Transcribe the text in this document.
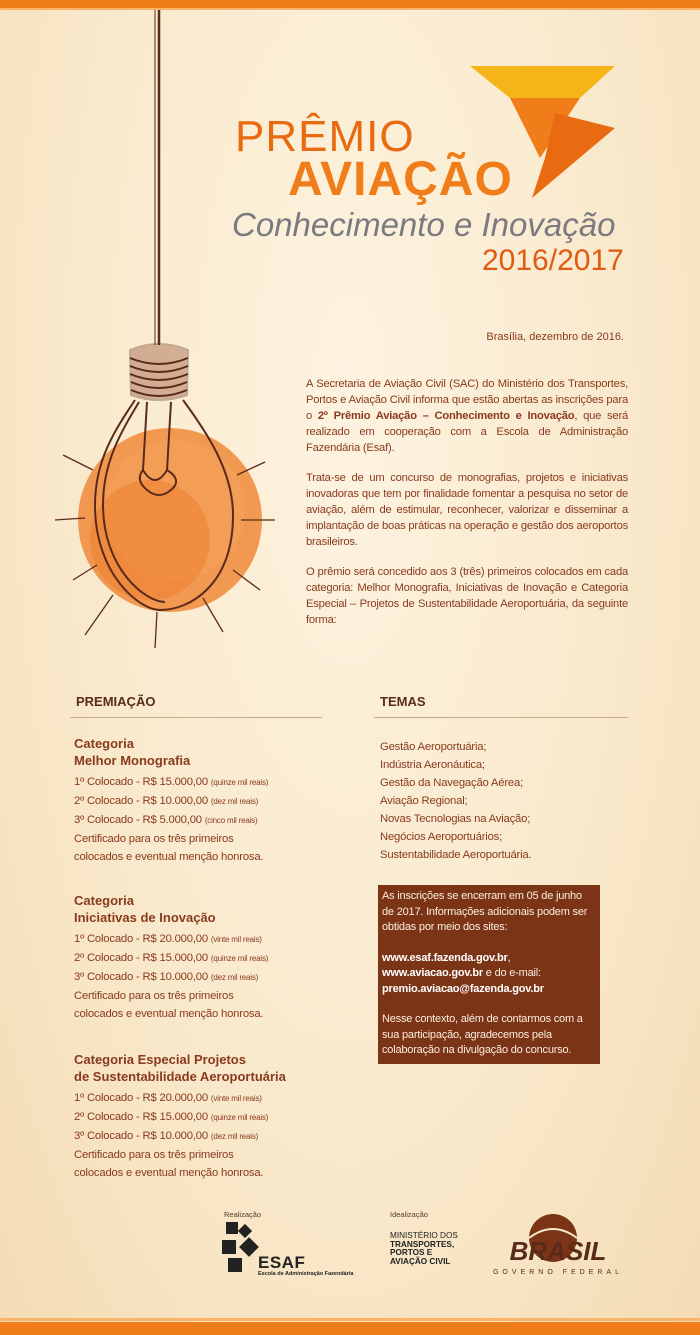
PRÊMIO
AVIAÇÃO
Conhecimento e Inovação
2016/2017
Brasília, dezembro de 2016.

A Secretaria de Aviação Civil (SAC) do Ministério dos Transportes, Portos e Aviação Civil informa que estão abertas as inscrições para o 2º Prêmio Aviação – Conhecimento e Inovação, que será realizado em cooperação com a Escola de Administração Fazendária (Esaf).

Trata-se de um concurso de monografias, projetos e iniciativas inovadoras que tem por finalidade fomentar a pesquisa no setor de aviação, além de estimular, reconhecer, valorizar e disseminar a implantação de boas práticas na operação e gestão dos aeroportos brasileiros.

O prêmio será concedido aos 3 (três) primeiros colocados em cada categoria: Melhor Monografia, Iniciativas de Inovação e Categoria Especial – Projetos de Sustentabilidade Aeroportuária, da seguinte forma:

PREMIAÇÃO	TEMAS
Categoria
Melhor Monografia
1º Colocado - R$ 15.000,00 (quinze mil reais)
2º Colocado - R$ 10.000,00 (dez mil reais)
3º Colocado - R$ 5.000,00 (cinco mil reais)
Certificado para os três primeiros
colocados e eventual menção honrosa.
Categoria
Iniciativas de Inovação
1º Colocado - R$ 20.000,00 (vinte mil reais)
2º Colocado - R$ 15.000,00 (quinze mil reais)
3º Colocado - R$ 10.000,00 (dez mil reais)
Certificado para os três primeiros
colocados e eventual menção honrosa.
Categoria Especial Projetos
de Sustentabilidade Aeroportuária
1º Colocado - R$ 20.000,00 (vinte mil reais)
2º Colocado - R$ 15.000,00 (quinze mil reais)
3º Colocado - R$ 10.000,00 (dez mil reais)
Certificado para os três primeiros
colocados e eventual menção honrosa.
Gestão Aeroportuária;
Indústria Aeronáutica;
Gestão da Navegação Aérea;
Aviação Regional;
Novas Tecnologias na Aviação;
Negócios Aeroportuários;
Sustentabilidade Aeroportuária.
As inscrições se encerram em 05 de junho de 2017. Informações adicionais podem ser obtidas por meio dos sites:
www.esaf.fazenda.gov.br,
www.aviacao.gov.br e do e-mail:
premio.aviacao@fazenda.gov.br
Nesse contexto, além de contarmos com a sua participação, agradecemos pela colaboração na divulgação do concurso.
Realização	Idealização
ESAF
Escola de Administração Fazendária
MINISTÉRIO DOS
TRANSPORTES,
PORTOS E
AVIAÇÃO CIVIL BRASIL
GOVERNO FEDERAL
